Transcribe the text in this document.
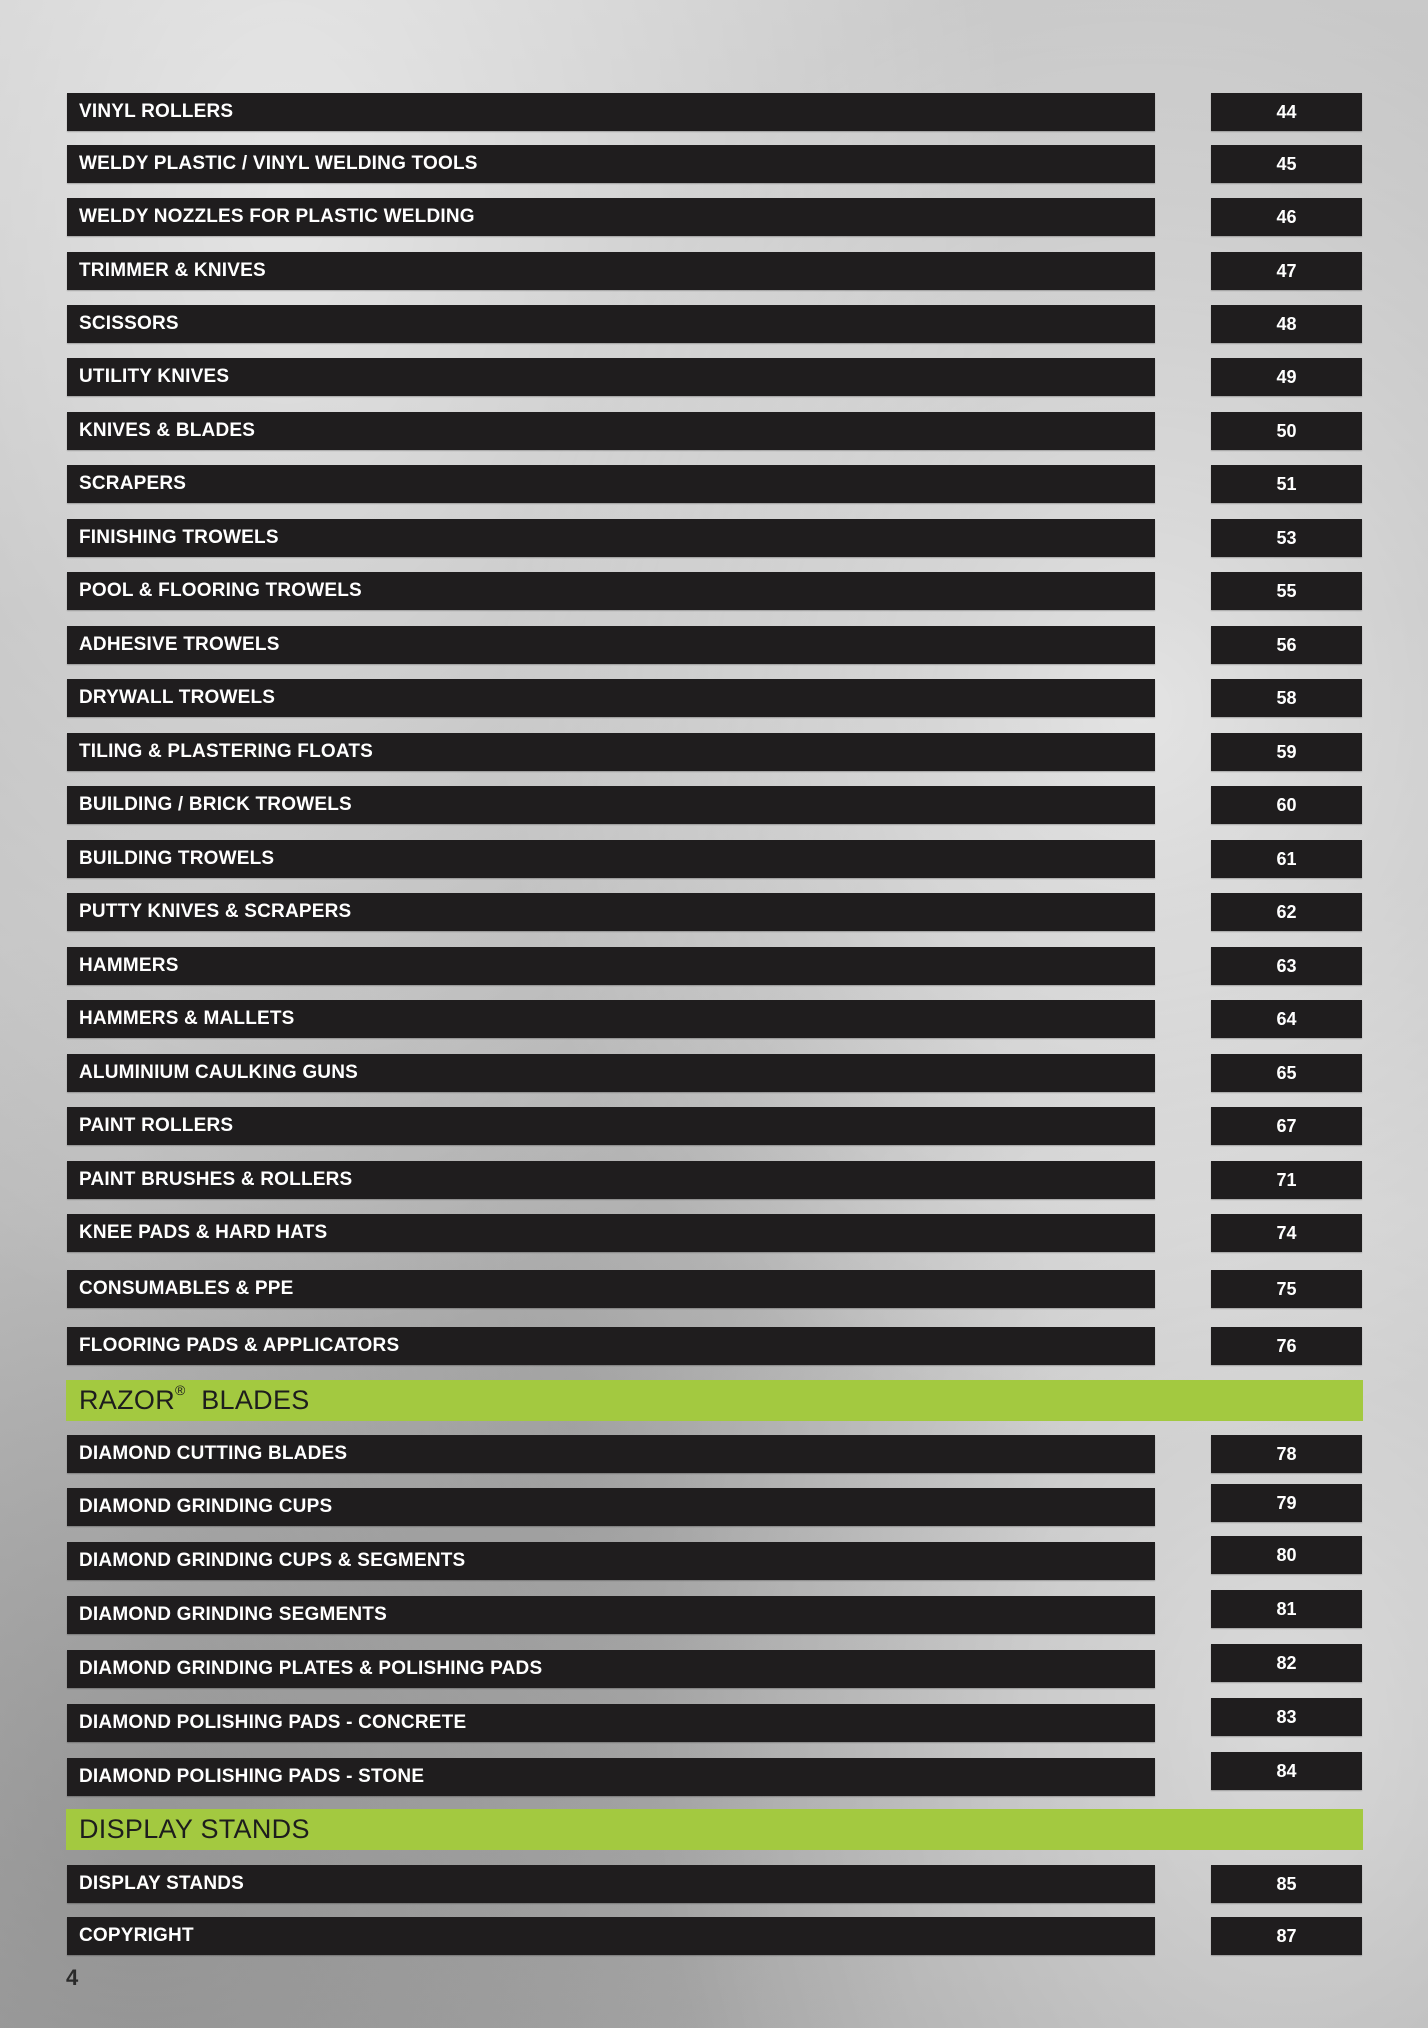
VINYL ROLLERS	44
WELDY PLASTIC / VINYL WELDING TOOLS	45
WELDY NOZZLES FOR PLASTIC WELDING	46
TRIMMER & KNIVES	47
SCISSORS	48
UTILITY KNIVES	49
KNIVES & BLADES	50
SCRAPERS	51
FINISHING TROWELS	53
POOL & FLOORING TROWELS	55
ADHESIVE TROWELS	56
DRYWALL TROWELS	58
TILING & PLASTERING FLOATS	59
BUILDING / BRICK TROWELS	60
BUILDING TROWELS	61
PUTTY KNIVES & SCRAPERS	62
HAMMERS	63
HAMMERS & MALLETS	64
ALUMINIUM CAULKING GUNS	65
PAINT ROLLERS	67
PAINT BRUSHES & ROLLERS	71
KNEE PADS & HARD HATS	74
CONSUMABLES & PPE	75
FLOORING PADS & APPLICATORS	76
RAZOR® BLADES
DIAMOND CUTTING BLADES	78
DIAMOND GRINDING CUPS	79
DIAMOND GRINDING CUPS & SEGMENTS	80
DIAMOND GRINDING SEGMENTS	81
DIAMOND GRINDING PLATES & POLISHING PADS	82
DIAMOND POLISHING PADS - CONCRETE	83
DIAMOND POLISHING PADS - STONE	84
DISPLAY STANDS
DISPLAY STANDS	85
COPYRIGHT	87
4
